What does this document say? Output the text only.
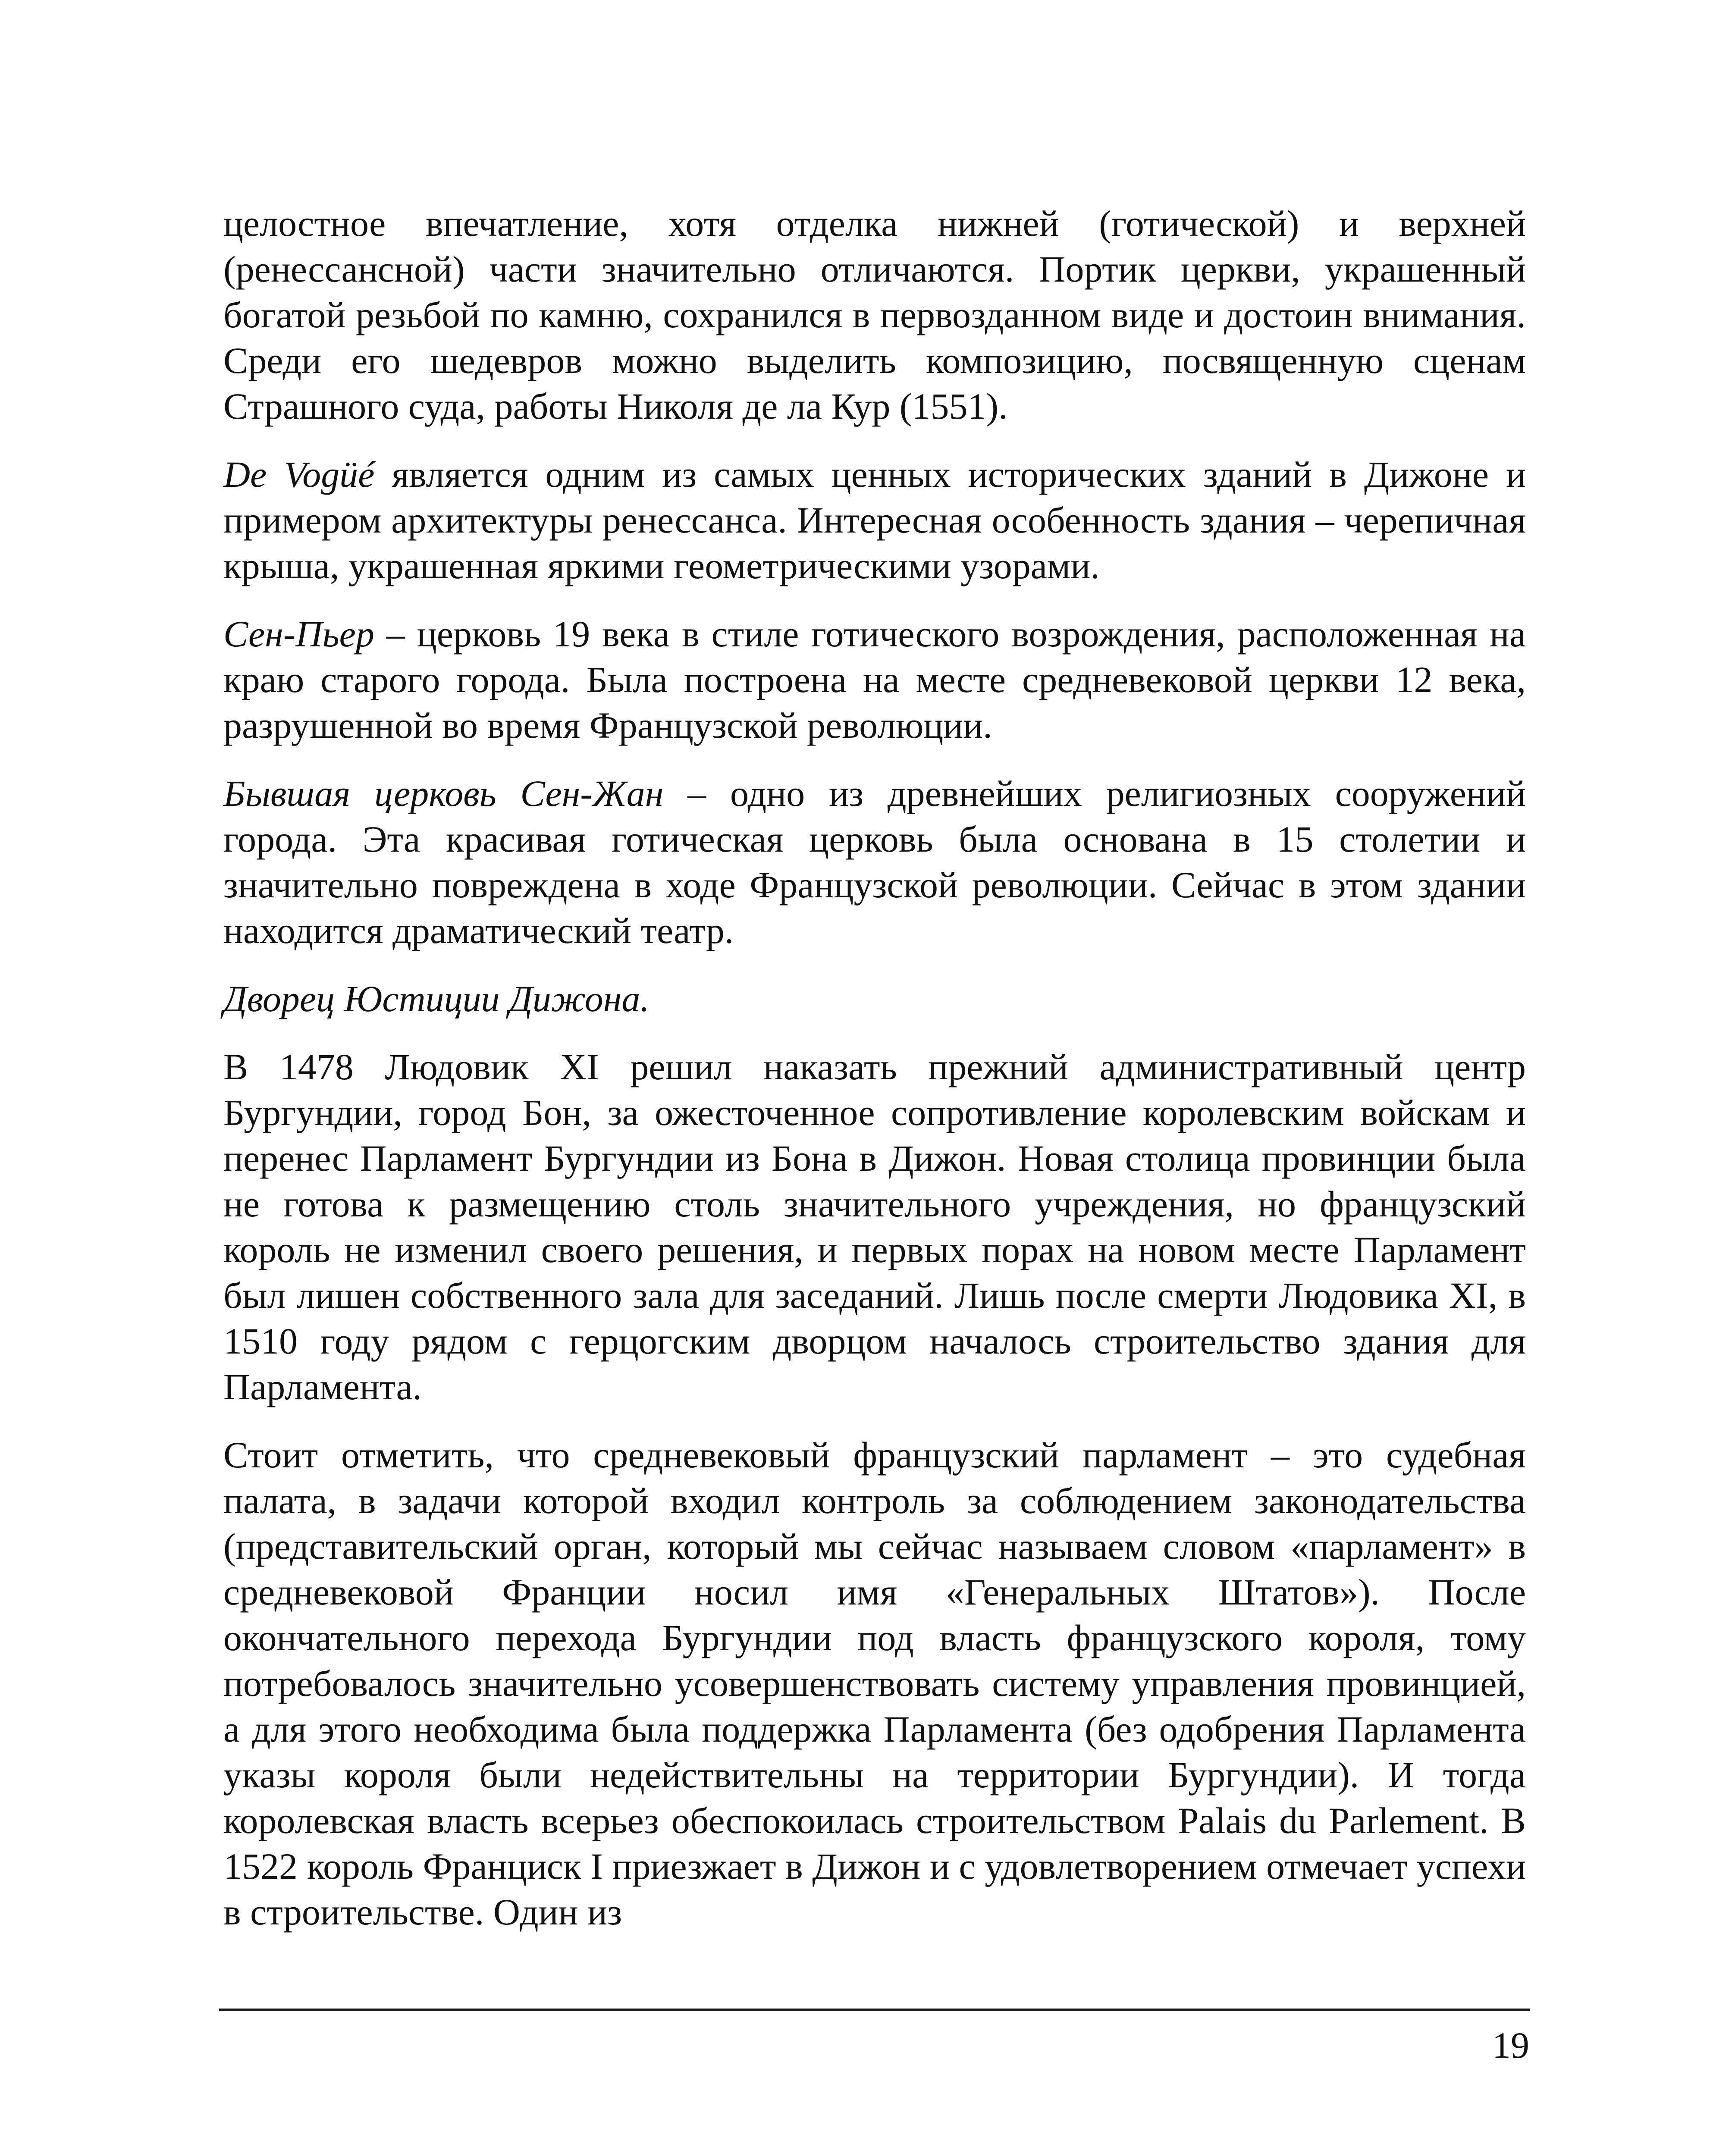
целостное впечатление, хотя отделка нижней (готической) и верхней (ренессансной) части значительно отличаются. Портик церкви, украшенный богатой резьбой по камню, сохранился в первозданном виде и достоин внимания. Среди его шедевров можно выделить композицию, посвященную сценам Страшного суда, работы Николя де ла Кур (1551).

De Vogüé является одним из самых ценных исторических зданий в Дижоне и примером архитектуры ренессанса. Интересная особенность здания – черепичная крыша, украшенная яркими геометрическими узорами.

Сен-Пьер – церковь 19 века в стиле готического возрождения, расположенная на краю старого города. Была построена на месте средневековой церкви 12 века, разрушенной во время Французской революции.

Бывшая церковь Сен-Жан – одно из древнейших религиозных сооружений города. Эта красивая готическая церковь была основана в 15 столетии и значительно повреждена в ходе Французской революции. Сейчас в этом здании находится драматический театр.

Дворец Юстиции Дижона.

В 1478 Людовик XI решил наказать прежний административный центр Бургундии, город Бон, за ожесточенное сопротивление королевским войскам и перенес Парламент Бургундии из Бона в Дижон. Новая столица провинции была не готова к размещению столь значительного учреждения, но французский король не изменил своего решения, и первых порах на новом месте Парламент был лишен собственного зала для заседаний. Лишь после смерти Людовика XI, в 1510 году рядом с герцогским дворцом началось строительство здания для Парламента.

Стоит отметить, что средневековый французский парламент – это судебная палата, в задачи которой входил контроль за соблюдением законодательства (представительский орган, который мы сейчас называем словом «парламент» в средневековой Франции носил имя «Генеральных Штатов»). После окончательного перехода Бургундии под власть французского короля, тому потребовалось значительно усовершенствовать систему управления провинцией, а для этого необходима была поддержка Парламента (без одобрения Парламента указы короля были недействительны на территории Бургундии). И тогда королевская власть всерьез обеспокоилась строительством Palais du Parlement. В 1522 король Франциск I приезжает в Дижон и с удовлетворением отмечает успехи в строительстве. Один из

19
